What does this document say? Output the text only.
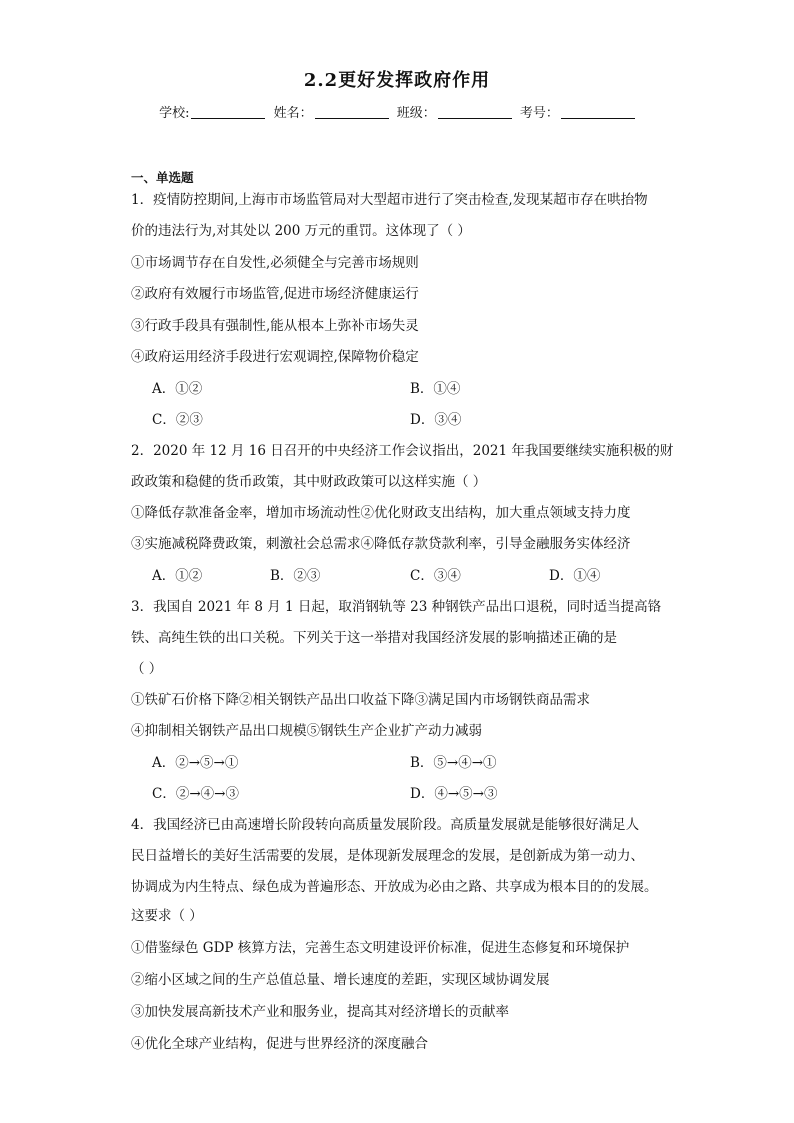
2.2更好发挥政府作用
学校:	姓名：	班级：	考号：
一、单选题
1．疫情防控期间,上海市市场监管局对大型超市进行了突击检查,发现某超市存在哄抬物
价的违法行为,对其处以 200 万元的重罚。这体现了（ ）
①市场调节存在自发性,必须健全与完善市场规则
②政府有效履行市场监管,促进市场经济健康运行
③行政手段具有强制性,能从根本上弥补市场失灵
④政府运用经济手段进行宏观调控,保障物价稳定
A．①②	B．①④
C．②③	D．③④
2．2020 年 12 月 16 日召开的中央经济工作会议指出，2021 年我国要继续实施积极的财
政政策和稳健的货币政策，其中财政政策可以这样实施（ ）
①降低存款准备金率，增加市场流动性②优化财政支出结构，加大重点领域支持力度
③实施减税降费政策，刺激社会总需求④降低存款贷款利率，引导金融服务实体经济
A．①②	B．②③	C．③④	D．①④
3．我国自 2021 年 8 月 1 日起，取消钢轨等 23 种钢铁产品出口退税，同时适当提高铬
铁、高纯生铁的出口关税。下列关于这一举措对我国经济发展的影响描述正确的是
（ ）
①铁矿石价格下降②相关钢铁产品出口收益下降③满足国内市场钢铁商品需求
④抑制相关钢铁产品出口规模⑤钢铁生产企业扩产动力减弱
A．②→⑤→①	B．⑤→④→①
C．②→④→③	D．④→⑤→③
4．我国经济已由高速增长阶段转向高质量发展阶段。高质量发展就是能够很好满足人
民日益增长的美好生活需要的发展，是体现新发展理念的发展，是创新成为第一动力、
协调成为内生特点、绿色成为普遍形态、开放成为必由之路、共享成为根本目的的发展。
这要求（ ）
①借鉴绿色 GDP 核算方法，完善生态文明建设评价标准，促进生态修复和环境保护
②缩小区域之间的生产总值总量、增长速度的差距，实现区域协调发展
③加快发展高新技术产业和服务业，提高其对经济增长的贡献率
④优化全球产业结构，促进与世界经济的深度融合
